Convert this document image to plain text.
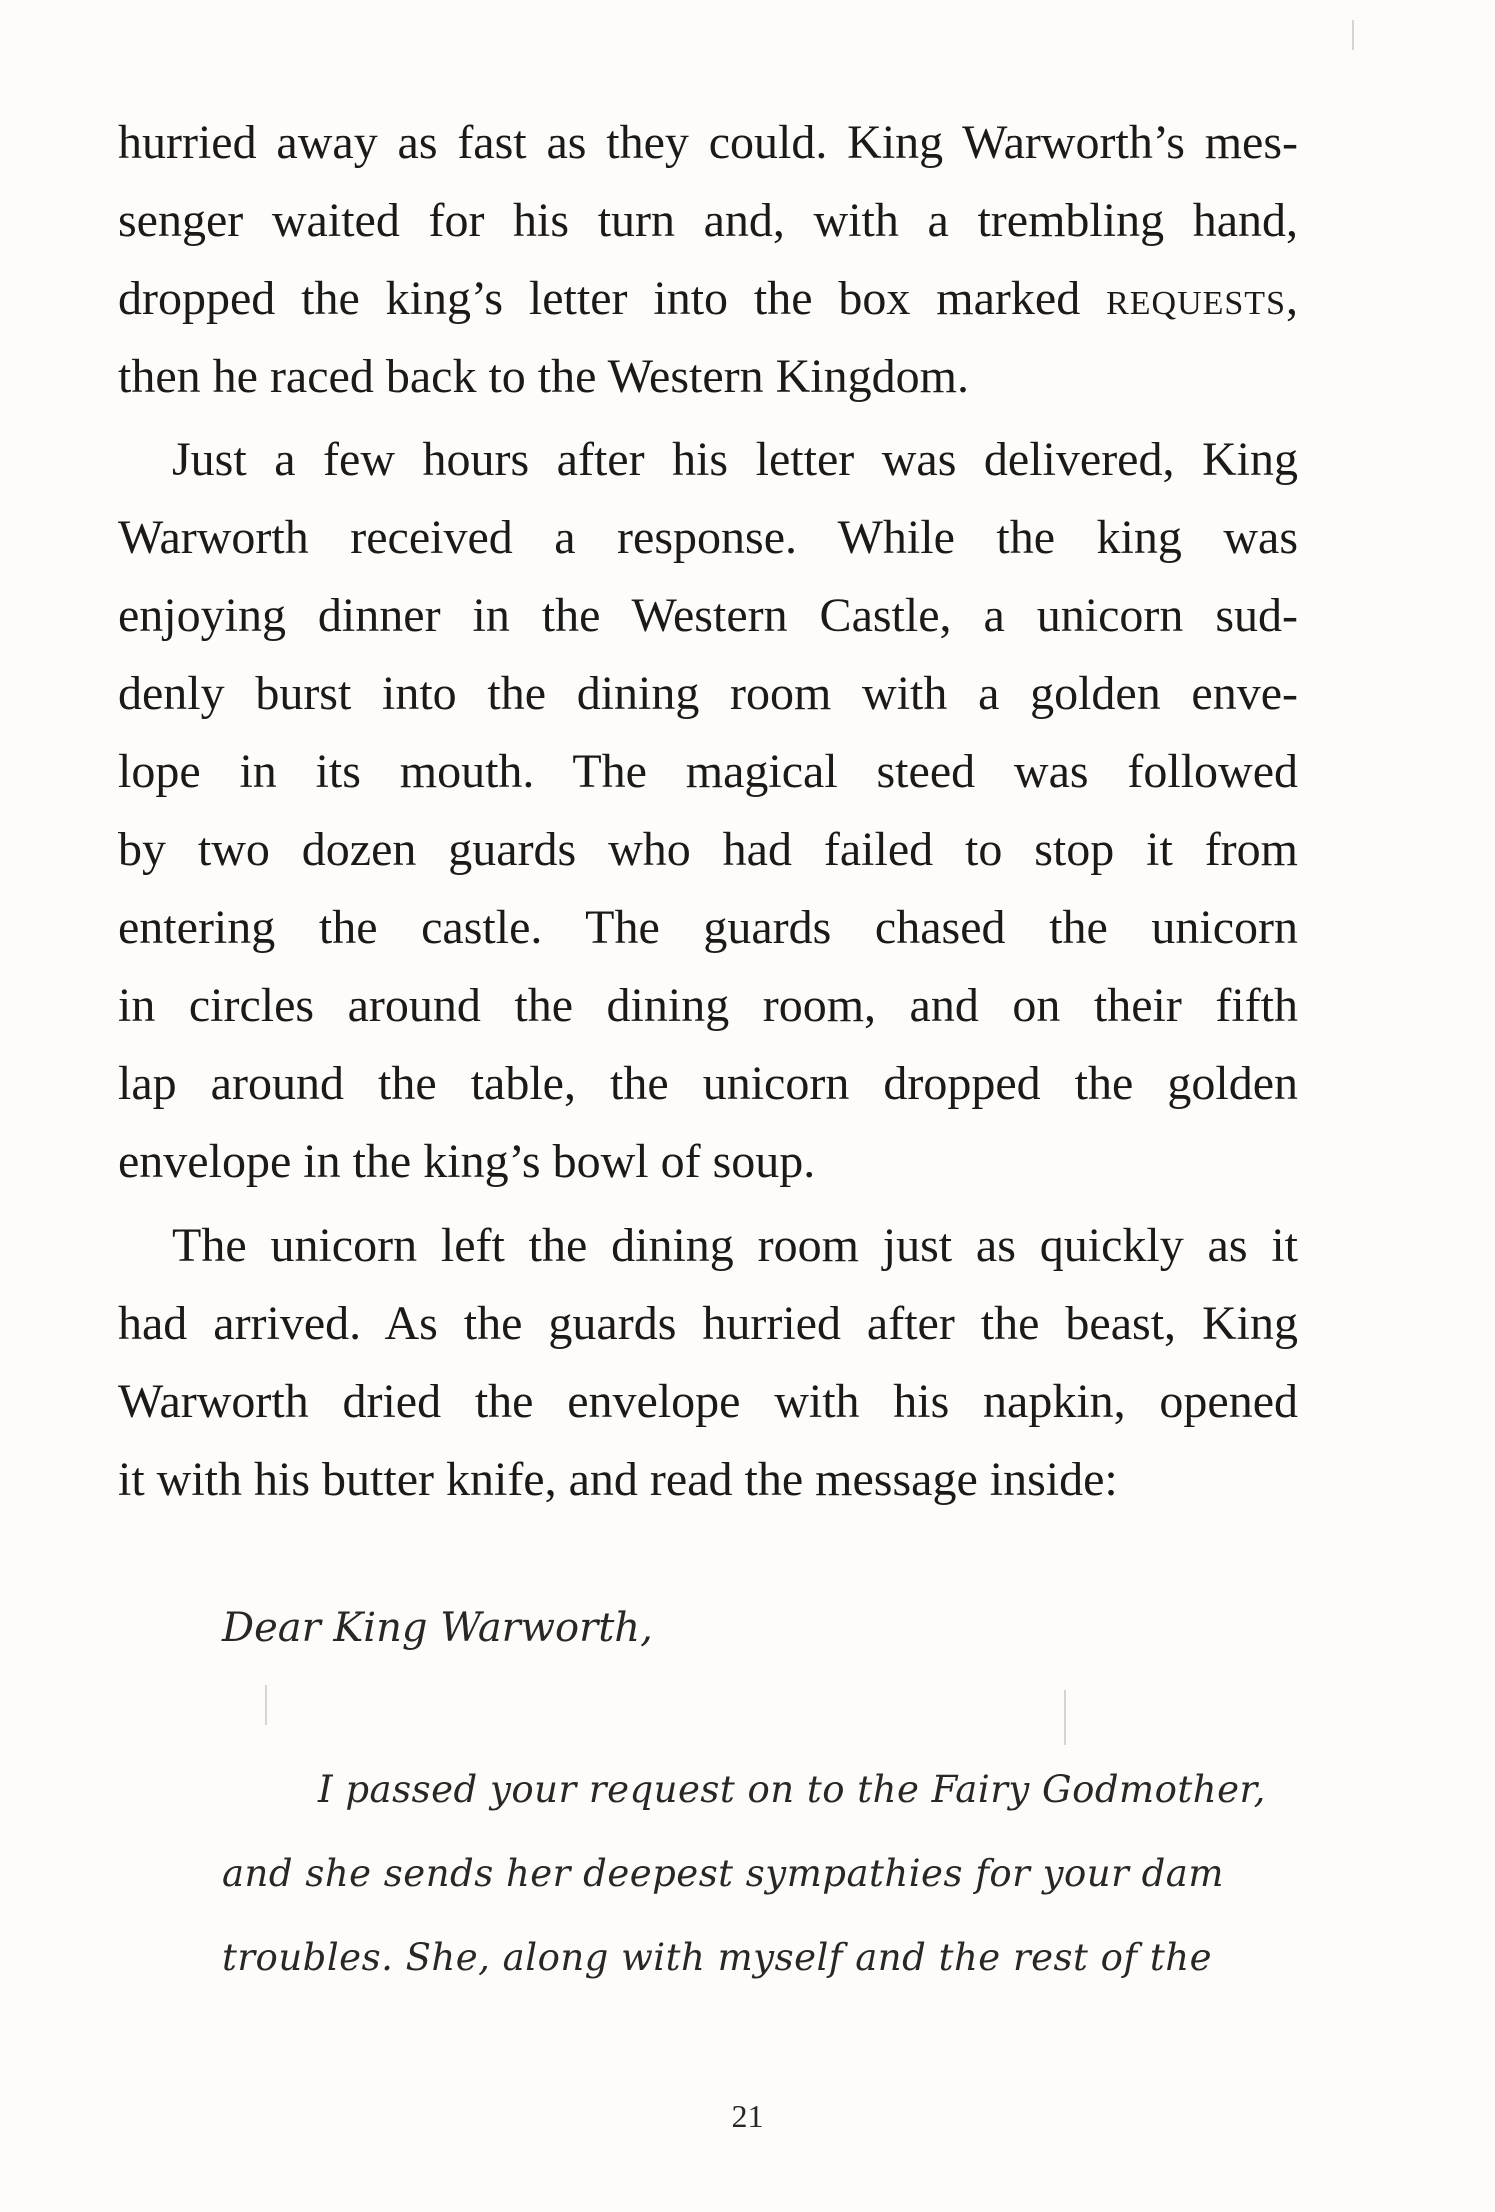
hurried away as fast as they could. King Warworth’s mes-
senger waited for his turn and, with a trembling hand,
dropped the king’s letter into the box marked requests,
then he raced back to the Western Kingdom.
Just a few hours after his letter was delivered, King
Warworth received a response. While the king was
enjoying dinner in the Western Castle, a unicorn sud-
denly burst into the dining room with a golden enve-
lope in its mouth. The magical steed was followed
by two dozen guards who had failed to stop it from
entering the castle. The guards chased the unicorn
in circles around the dining room, and on their fifth
lap around the table, the unicorn dropped the golden
envelope in the king’s bowl of soup.
The unicorn left the dining room just as quickly as it
had arrived. As the guards hurried after the beast, King
Warworth dried the envelope with his napkin, opened
it with his butter knife, and read the message inside:
Dear King Warworth,
I passed your request on to the Fairy Godmother,
and she sends her deepest sympathies for your dam
troubles. She, along with myself and the rest of the
21
